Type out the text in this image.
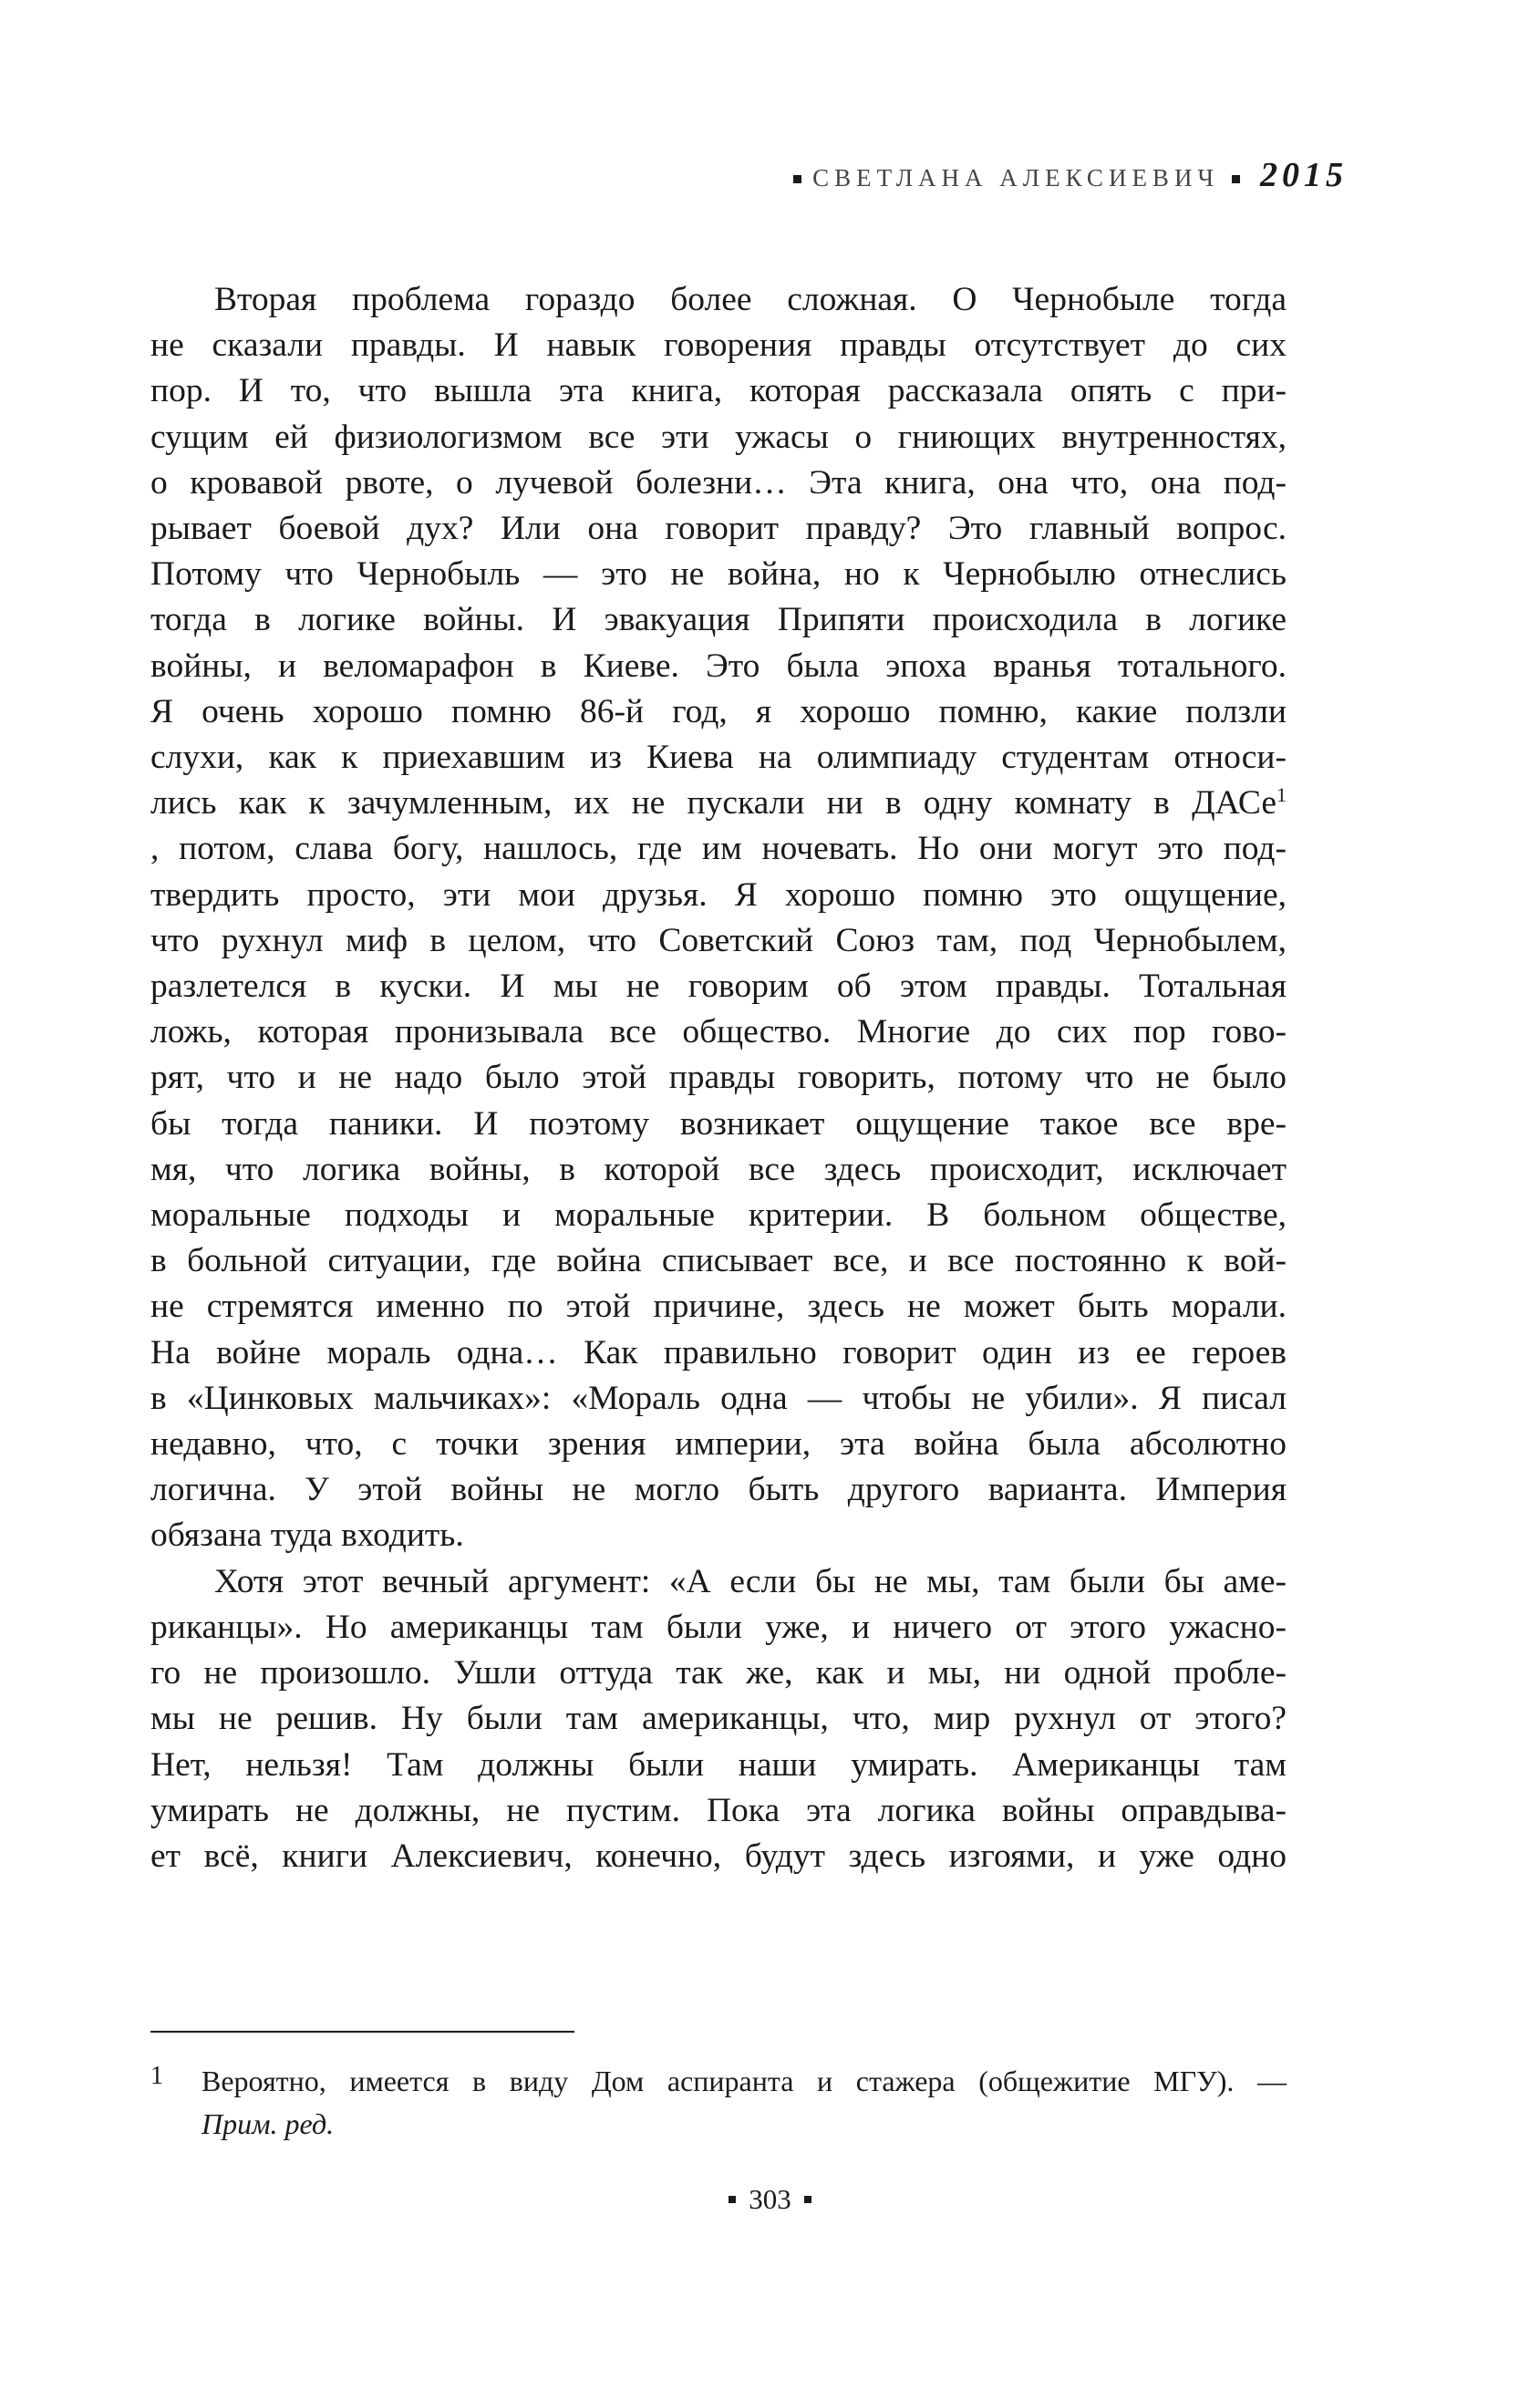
СВЕТЛАНА АЛЕКСИЕВИЧ 2015

Вторая проблема гораздо более сложная. О Чернобыле тогда
не сказали правды. И навык говорения правды отсутствует до сих
пор. И то, что вышла эта книга, которая рассказала опять с при-
сущим ей физиологизмом все эти ужасы о гниющих внутренностях,
о кровавой рвоте, о лучевой болезни… Эта книга, она что, она под-
рывает боевой дух? Или она говорит правду? Это главный вопрос.
Потому что Чернобыль — это не война, но к Чернобылю отнеслись
тогда в логике войны. И эвакуация Припяти происходила в логике
войны, и веломарафон в Киеве. Это была эпоха вранья тотального.
Я очень хорошо помню 86-й год, я хорошо помню, какие ползли
слухи, как к приехавшим из Киева на олимпиаду студентам относи-
лись как к зачумленным, их не пускали ни в одну комнату в ДАСе$^1$
, потом, слава богу, нашлось, где им ночевать. Но они могут это под-
твердить просто, эти мои друзья. Я хорошо помню это ощущение,
что рухнул миф в целом, что Советский Союз там, под Чернобылем,
разлетелся в куски. И мы не говорим об этом правды. Тотальная
ложь, которая пронизывала все общество. Многие до сих пор гово-
рят, что и не надо было этой правды говорить, потому что не было
бы тогда паники. И поэтому возникает ощущение такое все вре-
мя, что логика войны, в которой все здесь происходит, исключает
моральные подходы и моральные критерии. В больном обществе,
в больной ситуации, где война списывает все, и все постоянно к вой-
не стремятся именно по этой причине, здесь не может быть морали.
На войне мораль одна… Как правильно говорит один из ее героев
в «Цинковых мальчиках»: «Мораль одна — чтобы не убили». Я писал
недавно, что, с точки зрения империи, эта война была абсолютно
логична. У этой войны не могло быть другого варианта. Империя
обязана туда входить.

Хотя этот вечный аргумент: «А если бы не мы, там были бы аме-
риканцы». Но американцы там были уже, и ничего от этого ужасно-
го не произошло. Ушли оттуда так же, как и мы, ни одной пробле-
мы не решив. Ну были там американцы, что, мир рухнул от этого?
Нет, нельзя! Там должны были наши умирать. Американцы там
умирать не должны, не пустим. Пока эта логика войны оправдыва-
ет всё, книги Алексиевич, конечно, будут здесь изгоями, и уже одно

1 Вероятно, имеется в виду Дом аспиранта и стажера (общежитие МГУ). —
Прим. ред.
303
